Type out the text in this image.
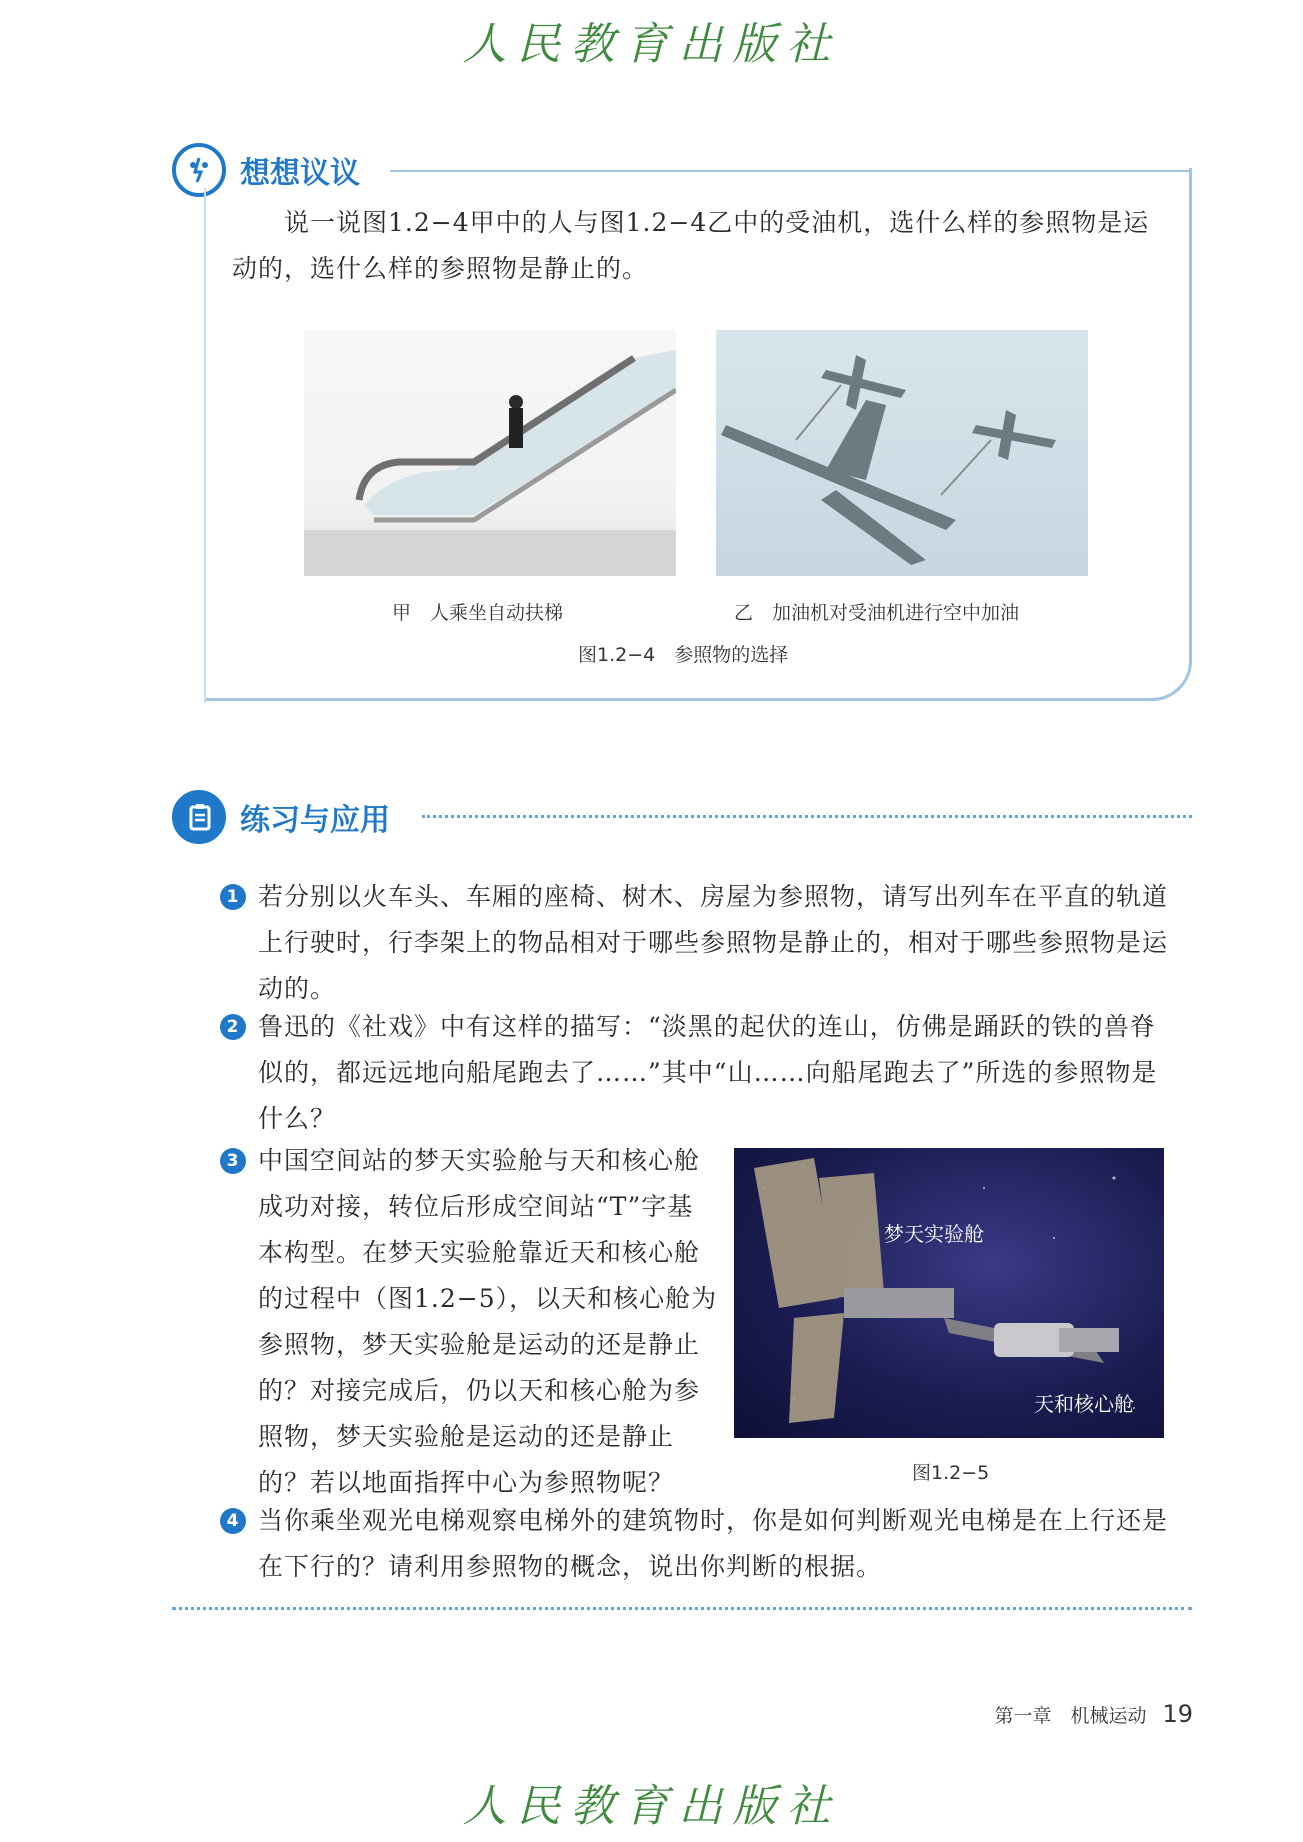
人民教育出版社
想想议议
说一说图1.2−4甲中的人与图1.2−4乙中的受油机，选什么样的参照物是运动的，选什么样的参照物是静止的。
甲　人乘坐自动扶梯	乙　加油机对受油机进行空中加油
图1.2−4　参照物的选择
练习与应用
1 若分别以火车头、车厢的座椅、树木、房屋为参照物，请写出列车在平直的轨道上行驶时，行李架上的物品相对于哪些参照物是静止的，相对于哪些参照物是运动的。
2 鲁迅的《社戏》中有这样的描写：“淡黑的起伏的连山，仿佛是踊跃的铁的兽脊似的，都远远地向船尾跑去了……”其中“山……向船尾跑去了”所选的参照物是什么？
3 中国空间站的梦天实验舱与天和核心舱成功对接，转位后形成空间站“T”字基本构型。在梦天实验舱靠近天和核心舱的过程中（图1.2−5），以天和核心舱为参照物，梦天实验舱是运动的还是静止的？对接完成后，仍以天和核心舱为参照物，梦天实验舱是运动的还是静止的？若以地面指挥中心为参照物呢？
梦天实验舱
天和核心舱
图1.2−5
4 当你乘坐观光电梯观察电梯外的建筑物时，你是如何判断观光电梯是在上行还是在下行的？请利用参照物的概念，说出你判断的根据。
第一章　机械运动 19
人民教育出版社
